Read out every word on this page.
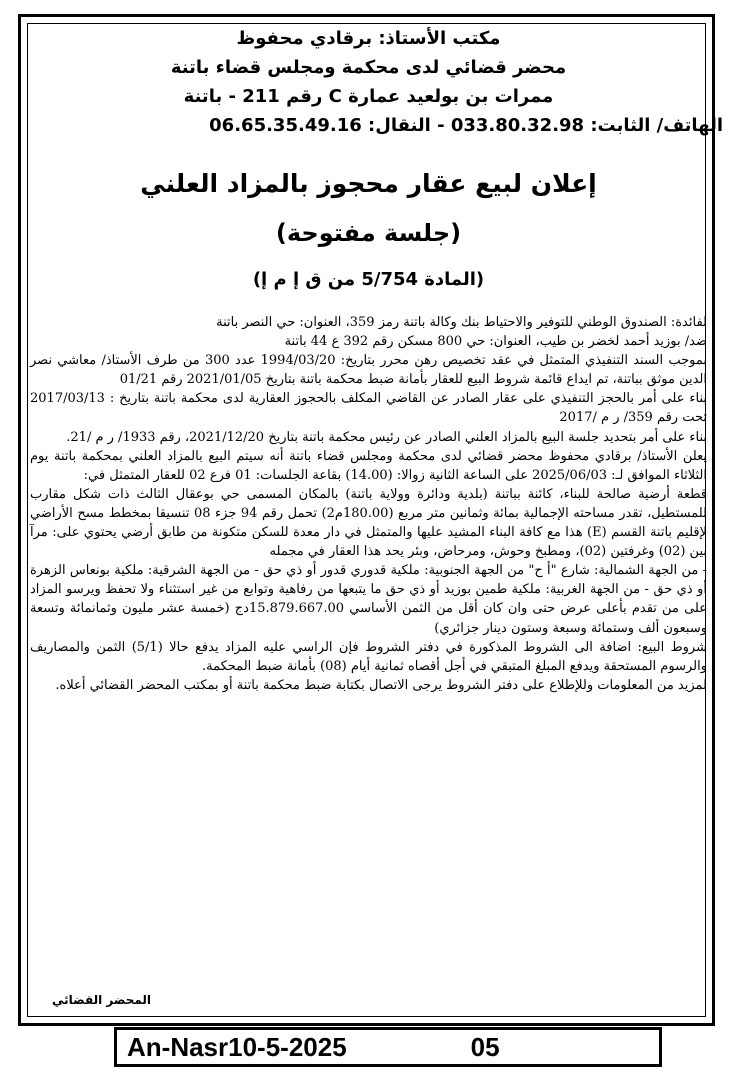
مكتب الأستاذ: برقادي محفوظ
محضر قضائي لدى محكمة ومجلس قضاء باتنة
ممرات بن بولعيد عمارة C رقم 211 - باتنة
الهاتف/ الثابت: 033.80.32.98 - النقال: 06.65.35.49.16
إعلان لبيع عقار محجوز بالمزاد العلني
(جلسة مفتوحة)
(المادة 5/754 من ق إ م إ)

لفائدة: الصندوق الوطني للتوفير والاحتياط بنك وكالة باتنة رمز 359، العنوان: حي النصر باتنة

ضد/ بوزيد أحمد لخضر بن طيب، العنوان: حي 800 مسكن رقم 392 ع 44 باتنة

بموجب السند التنفيذي المتمثل في عقد تخصيص رهن محرر بتاريخ: 1994/03/20 عدد 300 من طرف الأستاذ/ معاشي نصر الدين موثق بباتنة، تم ايداع قائمة شروط البيع للعقار بأمانة ضبط محكمة باتنة بتاريخ 2021/01/05 رقم 01/21

بناء على أمر بالحجز التنفيذي على عقار الصادر عن القاضي المكلف بالحجوز العقارية لدى محكمة باتنة بتاريخ : 2017/03/13 تحت رقم 359/ ر م /2017

بناء على أمر بتحديد جلسة البيع بالمزاد العلني الصادر عن رئيس محكمة باتنة بتاريخ 2021/12/20، رقم 1933/ ر م /21.

يعلن الأستاذ/ برقادي محفوظ محضر قضائي لدى محكمة ومجلس قضاء باتنة أنه سيتم البيع بالمزاد العلني بمحكمة باتنة يوم الثلاثاء الموافق لـ: 2025/06/03 على الساعة الثانية زوالا: (14.00) بقاعة الجلسات: 01 فرع 02 للعقار المتمثل في:

قطعة أرضية صالحة للبناء، كائنة بباتنة (بلدية ودائرة وولاية باتنة) بالمكان المسمى حي بوعقال الثالث ذات شكل مقارب للمستطيل، تقدر مساحته الإجمالية بمائة وثمانين متر مربع (180.00م2) تحمل رقم 94 جزء 08 تنسيقا بمخطط مسح الأراضي لإقليم باتنة القسم (E) هذا مع كافة البناء المشيد عليها والمتمثل في دار معدة للسكن متكونة من طابق أرضي يحتوي على: مرآ بين (02) وغرفتين (02)، ومطبخ وحوش، ومرحاض، وبئر يحد هذا العقار في مجمله

- من الجهة الشمالية: شارع "أ ح" من الجهة الجنوبية: ملكية قدوري قدور أو ذي حق - من الجهة الشرقية: ملكية بونعاس الزهرة أو ذي حق - من الجهة الغربية: ملكية طمين بوزيد أو ذي حق ما يتبعها من رفاهية وتوابع من غير استثناء ولا تحفظ ويرسو المزاد على من تقدم بأعلى عرض حتى وان كان أقل من الثمن الأساسي 15.879.667.00دج (خمسة عشر مليون وثمانمائة وتسعة وسبعون ألف وستمائة وسبعة وستون دينار جزائري)

شروط البيع: اضافة الى الشروط المذكورة في دفتر الشروط فإن الراسي عليه المزاد يدفع حالا (5/1) الثمن والمصاريف والرسوم المستحقة ويدفع المبلغ المتبقي في أجل أقصاه ثمانية أيام (08) بأمانة ضبط المحكمة.

لمزيد من المعلومات وللإطلاع على دفتر الشروط يرجى الاتصال بكتابة ضبط محكمة باتنة أو بمكتب المحضر القضائي أعلاه.

المحضر القضائي
An-Nasr10-5-2025	05
